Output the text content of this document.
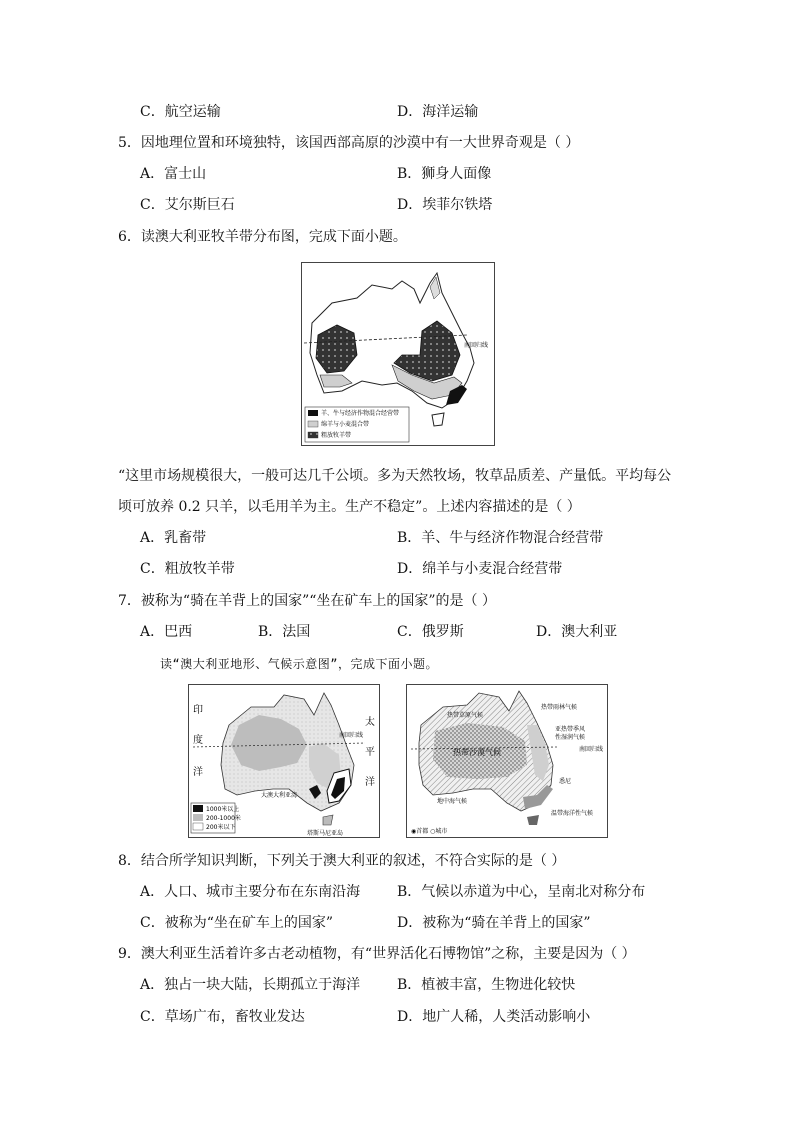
C．航空运输	D．海洋运输
5．因地理位置和环境独特，该国西部高原的沙漠中有一大世界奇观是（ ）
A．富士山	B．狮身人面像
C．艾尔斯巨石	D．埃菲尔铁塔
6．读澳大利亚牧羊带分布图，完成下面小题。
南回归线
羊、牛与经济作物混合经营带
绵羊与小麦混合带
粗放牧羊带
“这里市场规模很大，一般可达几千公顷。多为天然牧场，牧草品质差、产量低。平均每公
顷可放养 0.2 只羊，以毛用羊为主。生产不稳定”。上述内容描述的是（ ）
A．乳畜带	B．羊、牛与经济作物混合经营带
C．粗放牧羊带	D．绵羊与小麦混合经营带
7．被称为“骑在羊背上的国家”“坐在矿车上的国家”的是（ ）
A．巴西	B．法国	C．俄罗斯	D．澳大利亚
读“澳大利亚地形、气候示意图”，完成下面小题。
南回归线
印
度
洋
太
平
洋
大澳大利亚湾
塔斯马尼亚岛
1000米以上
200-1000米
200米以下
热带草原气候
热带沙漠气候
热带雨林气候
亚热带季风
性湿润气候
南回归线
悉尼
地中海气候
温带海洋性气候
◉首都 ○城市
8．结合所学知识判断，下列关于澳大利亚的叙述，不符合实际的是（ ）
A．人口、城市主要分布在东南沿海	B．气候以赤道为中心，呈南北对称分布
C．被称为“坐在矿车上的国家”	D．被称为“骑在羊背上的国家”
9．澳大利亚生活着许多古老动植物，有“世界活化石博物馆”之称，主要是因为（ ）
A．独占一块大陆，长期孤立于海洋	B．植被丰富，生物进化较快
C．草场广布，畜牧业发达	D．地广人稀，人类活动影响小
